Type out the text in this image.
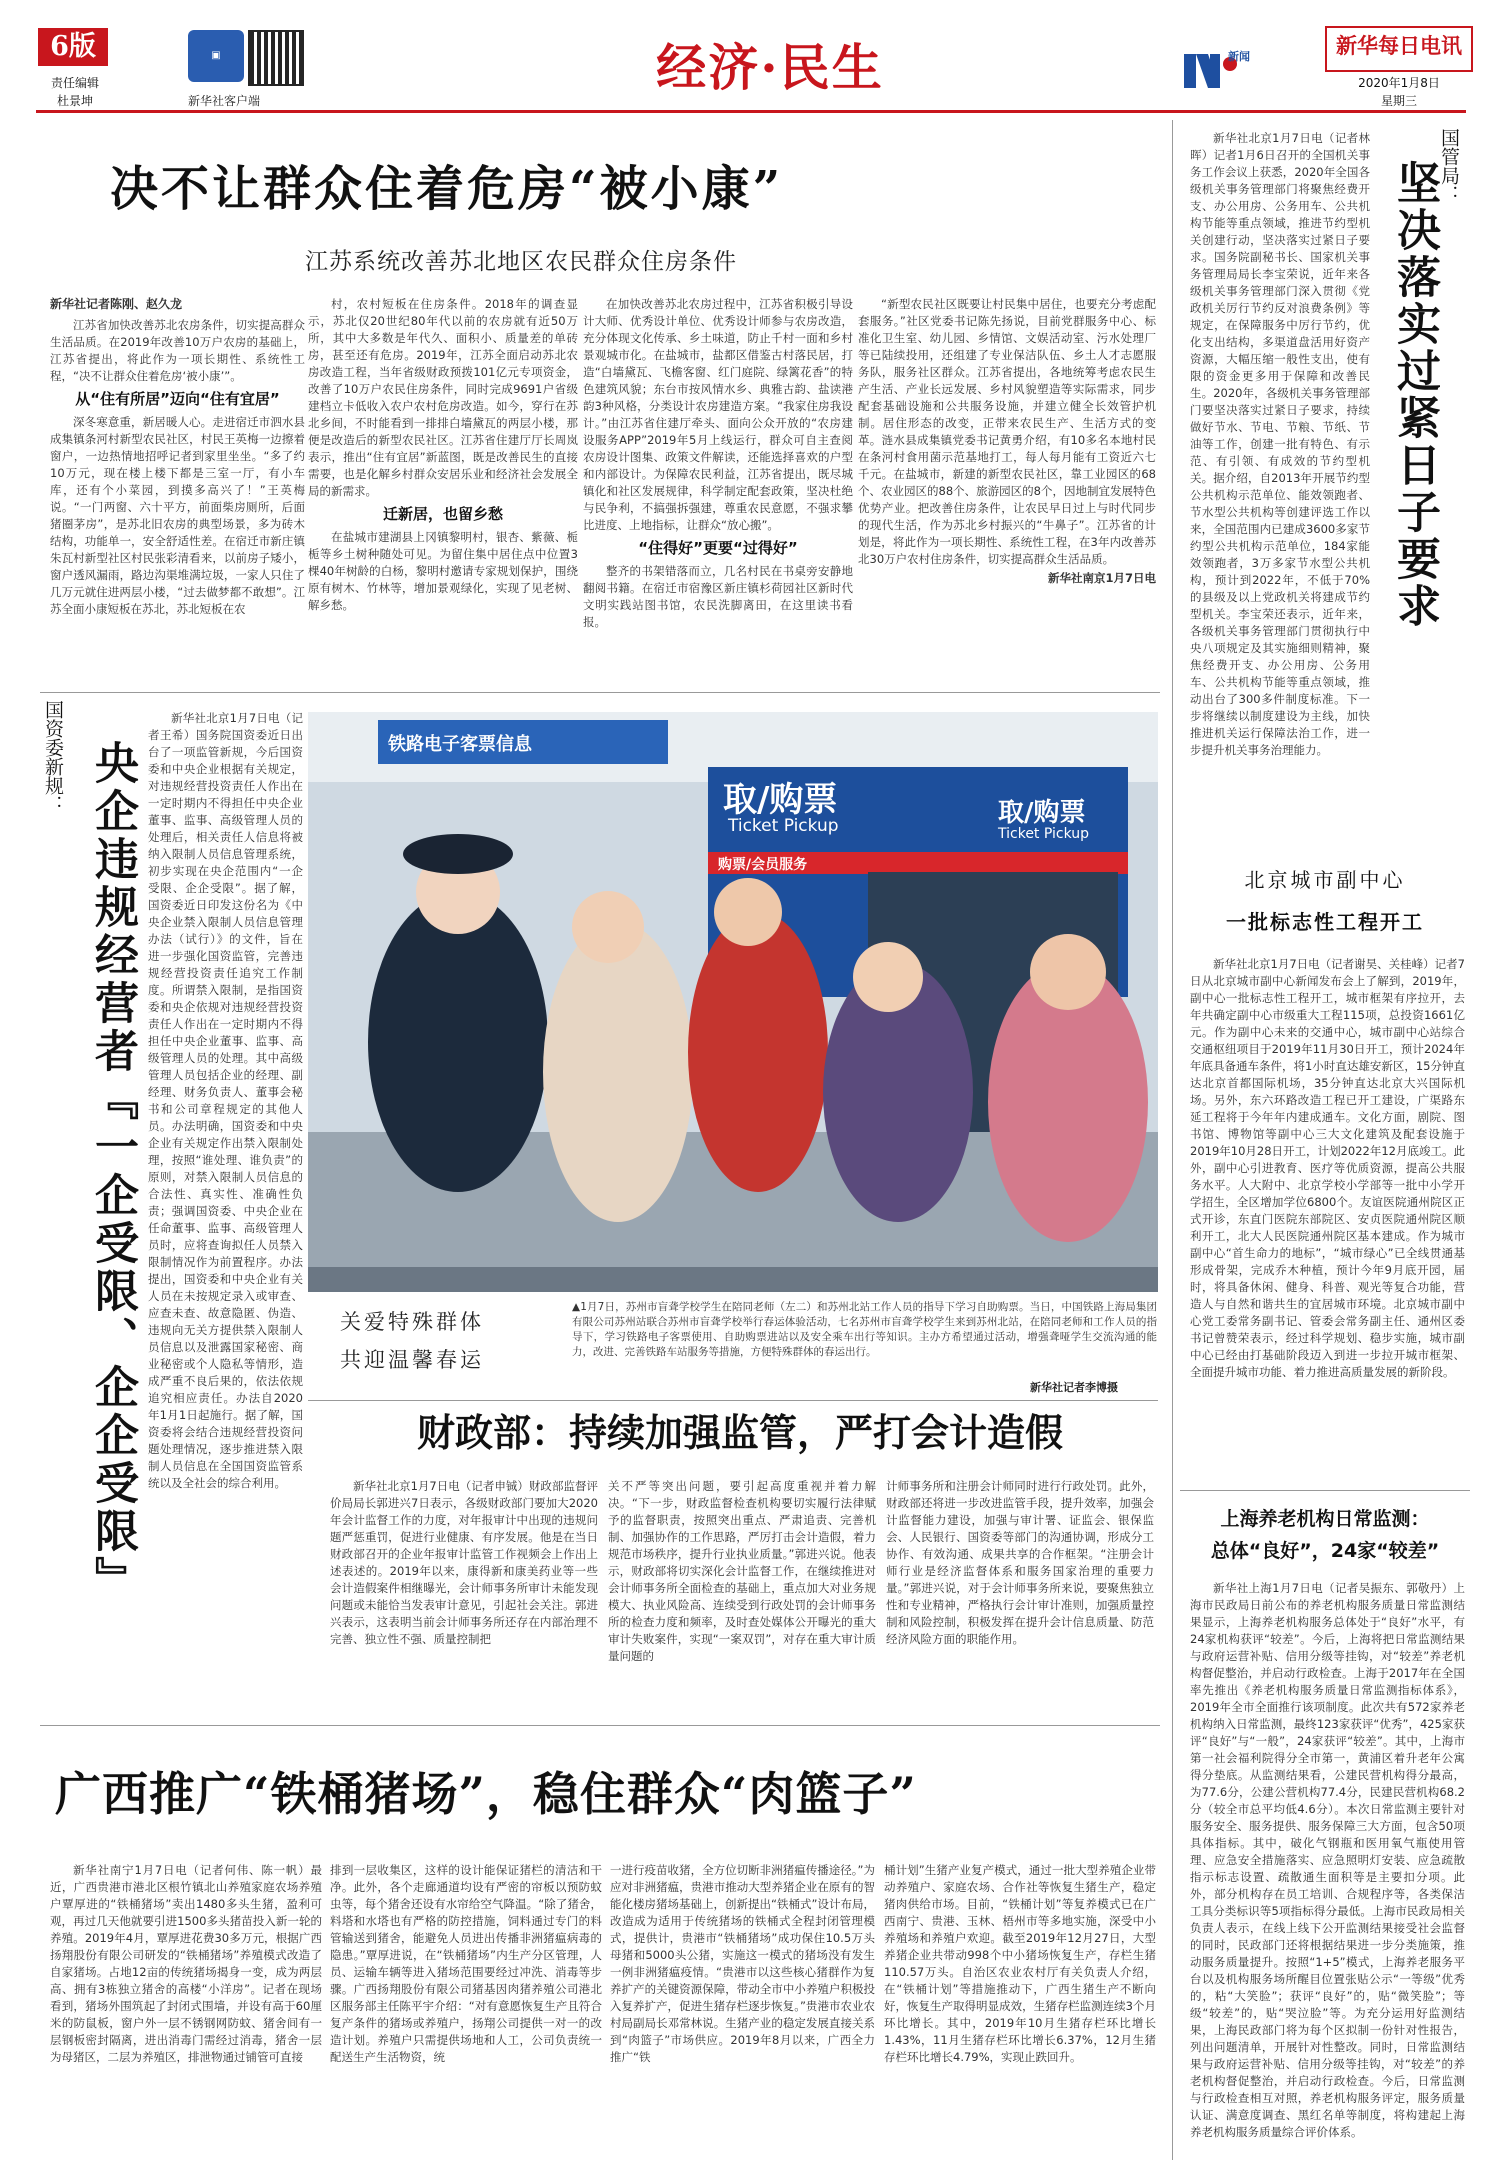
6版
责任编辑
杜景坤
▣
新华社客户端
经济·民生	新闻	新华每日电讯
2020年1月8日
星期三
决不让群众住着危房“被小康”
江苏系统改善苏北地区农民群众住房条件
新华社记者陈刚、赵久龙

江苏省加快改善苏北农房条件，切实提高群众生活品质。在2019年改善10万户农房的基础上，江苏省提出，将此作为一项长期性、系统性工程，“决不让群众住着危房‘被小康’”。

从“住有所居”迈向“住有宜居”

深冬寒意重，新居暖人心。走进宿迁市泗水县成集镇条河村新型农民社区，村民王英梅一边擦着窗户，一边热情地招呼记者到家里坐坐。“多了约10万元，现在楼上楼下都是三室一厅，有小车库，还有个小菜园，到摸多高兴了！”王英梅说。“一门两窗、六十平方，前面柴房厕所，后面猪圈茅房”，是苏北旧农房的典型场景，多为砖木结构，功能单一，安全舒适性差。在宿迁市新庄镇朱瓦村新型社区村民张彩清看来，以前房子矮小，窗户透风漏雨，路边沟渠堆满垃圾，一家人只住了几万元就住进两层小楼，“过去做梦都不敢想”。江苏全面小康短板在苏北，苏北短板在农

村，农村短板在住房条件。2018年的调查显示，苏北仅20世纪80年代以前的农房就有近50万所，其中大多数是年代久、面积小、质量差的单砖房，甚至还有危房。2019年，江苏全面启动苏北农房改造工程，当年省级财政预拨101亿元专项资金，改善了10万户农民住房条件，同时完成9691户省级建档立卡低收入农户农村危房改造。如今，穿行在苏北乡间，不时能看到一排排白墙黛瓦的两层小楼，那便是改造后的新型农民社区。江苏省住建厅厅长周岚表示，推出“住有宜居”新蓝图，既是改善民生的直接需要，也是化解乡村群众安居乐业和经济社会发展全局的新需求。

迁新居，也留乡愁

在盐城市建湖县上冈镇黎明村，银杏、紫薇、栀栀等乡土树种随处可见。为留住集中居住点中位置3棵40年树龄的白杨，黎明村邀请专家规划保护，围绕原有树木、竹林等，增加景观绿化，实现了见老树、解乡愁。

在加快改善苏北农房过程中，江苏省积极引导设计大师、优秀设计单位、优秀设计师参与农房改造，充分体现文化传承、乡土味道，防止千村一面和乡村景观城市化。在盐城市，盐都区借鉴古村落民居，打造“白墙黛瓦、飞檐客窗、红门庭院、绿篱花香”的特色建筑风貌；东台市按风情水乡、典雅古韵、盐读港韵3种风格，分类设计农房建造方案。“我家住房我设计。”由江苏省住建厅牵头、面向公众开放的“农房建设服务APP”2019年5月上线运行，群众可自主查阅农房设计图集、政策文件解读，还能选择喜欢的户型和内部设计。为保障农民利益，江苏省提出，既尽城镇化和社区发展规律，科学制定配套政策，坚决杜绝与民争利，不搞强拆强建，尊重农民意愿，不强求攀比进度、上地指标，让群众“放心搬”。

“住得好”更要“过得好”

整齐的书架错落而立，几名村民在书桌旁安静地翻阅书籍。在宿迁市宿豫区新庄镇杉荷园社区新时代文明实践站图书馆，农民洗脚离田，在这里读书看报。

“新型农民社区既要让村民集中居住，也要充分考虑配套服务。”社区党委书记陈先扬说，目前党群服务中心、标准化卫生室、幼儿园、乡情馆、文娱活动室、污水处理厂等已陆续投用，还组建了专业保洁队伍、乡土人才志愿服务队，服务社区群众。江苏省提出，各地统筹考虑农民生产生活、产业长远发展、乡村风貌塑造等实际需求，同步配套基础设施和公共服务设施，并建立健全长效管护机制。居住形态的改变，正带来农民生产、生活方式的变革。涟水县成集镇党委书记黄勇介绍，有10多名本地村民在条河村食用菌示范基地打工，每人每月能有工资近六七千元。在盐城市，新建的新型农民社区，靠工业园区的68个、农业园区的88个、旅游园区的8个，因地制宜发展特色优势产业。把改善住房条件，让农民早日过上与时代同步的现代生活，作为苏北乡村振兴的“牛鼻子”。江苏省的计划是，将此作为一项长期性、系统性工程，在3年内改善苏北30万户农村住房条件，切实提高群众生活品质。

新华社南京1月7日电
国管局：
坚决落实过紧日子要求
新华社北京1月7日电（记者林晖）记者1月6日召开的全国机关事务工作会议上获悉，2020年全国各级机关事务管理部门将聚焦经费开支、办公用房、公务用车、公共机构节能等重点领域，推进节约型机关创建行动，坚决落实过紧日子要求。国务院副秘书长、国家机关事务管理局局长李宝荣说，近年来各级机关事务管理部门深入贯彻《党政机关厉行节约反对浪费条例》等规定，在保障服务中厉行节约，优化支出结构，多渠道盘活用好资产资源，大幅压缩一般性支出，使有限的资金更多用于保障和改善民生。2020年，各级机关事务管理部门要坚决落实过紧日子要求，持续做好节水、节电、节粮、节纸、节油等工作，创建一批有特色、有示范、有引领、有成效的节约型机关。据介绍，自2013年开展节约型公共机构示范单位、能效领跑者、节水型公共机构等创建评选工作以来，全国范围内已建成3600多家节约型公共机构示范单位，184家能效领跑者，3万多家节水型公共机构，预计到2022年，不低于70%的县级及以上党政机关将建成节约型机关。李宝荣还表示，近年来，各级机关事务管理部门贯彻执行中央八项规定及其实施细则精神，聚焦经费开支、办公用房、公务用车、公共机构节能等重点领域，推动出台了300多件制度标准。下一步将继续以制度建设为主线，加快推进机关运行保障法治工作，进一步提升机关事务治理能力。
国资委新规： 央企违规经营者『一企受限、企企受限』
新华社北京1月7日电（记者王希）国务院国资委近日出台了一项监管新规，今后国资委和中央企业根据有关规定，对违规经营投资责任人作出在一定时期内不得担任中央企业董事、监事、高级管理人员的处理后，相关责任人信息将被纳入限制人员信息管理系统，初步实现在央企范围内“一企受限、企企受限”。据了解，国资委近日印发这份名为《中央企业禁入限制人员信息管理办法（试行）》的文件，旨在进一步强化国资监管，完善违规经营投资责任追究工作制度。所谓禁入限制，是指国资委和央企依规对违规经营投资责任人作出在一定时期内不得担任中央企业董事、监事、高级管理人员的处理。其中高级管理人员包括企业的经理、副经理、财务负责人、董事会秘书和公司章程规定的其他人员。办法明确，国资委和中央企业有关规定作出禁入限制处理，按照“谁处理、谁负责”的原则，对禁入限制人员信息的合法性、真实性、准确性负责；强调国资委、中央企业在任命董事、监事、高级管理人员时，应将查询拟任人员禁入限制情况作为前置程序。办法提出，国资委和中央企业有关人员在未按规定录入或审查、应查未查、故意隐匿、伪造、违规向无关方提供禁入限制人员信息以及泄露国家秘密、商业秘密或个人隐私等情形，造成严重不良后果的，依法依规追究相应责任。办法自2020年1月1日起施行。据了解，国资委将会结合违规经营投资问题处理情况，逐步推进禁入限制人员信息在全国国资监管系统以及全社会的综合利用。
铁路电子客票信息
取/购票
Ticket Pickup	取/购票
Ticket Pickup
购票/会员服务
关爱特殊群体
共迎温馨春运
▲1月7日，苏州市盲聋学校学生在陪同老师（左二）和苏州北站工作人员的指导下学习自助购票。当日，中国铁路上海局集团有限公司苏州站联合苏州市盲聋学校举行春运体验活动，七名苏州市盲聋学校学生来到苏州北站，在陪同老师和工作人员的指导下，学习铁路电子客票使用、自助购票进站以及安全乘车出行等知识。主办方希望通过活动，增强聋哑学生交流沟通的能力，改进、完善铁路车站服务等措施，方便特殊群体的春运出行。
新华社记者李博摄
财政部：持续加强监管，严打会计造假
新华社北京1月7日电（记者申铖）财政部监督评价局局长郭进兴7日表示，各级财政部门要加大2020年会计监督工作的力度，对年报审计中出现的违规问题严惩重罚，促进行业健康、有序发展。他是在当日财政部召开的企业年报审计监管工作视频会上作出上述表述的。2019年以来，康得新和康美药业等一些会计造假案件相继曝光，会计师事务所审计未能发现问题或未能恰当发表审计意见，引起社会关注。郭进兴表示，这表明当前会计师事务所还存在内部治理不完善、独立性不强、质量控制把
关不严等突出问题，要引起高度重视并着力解决。“下一步，财政监督检查机构要切实履行法律赋予的监督职责，按照突出重点、严肃追责、完善机制、加强协作的工作思路，严厉打击会计造假，着力规范市场秩序，提升行业执业质量。”郭进兴说。他表示，财政部将切实深化会计监督工作，在继续推进对会计师事务所全面检查的基础上，重点加大对业务规模大、执业风险高、连续受到行政处罚的会计师事务所的检查力度和频率，及时查处媒体公开曝光的重大审计失败案件，实现“一案双罚”，对存在重大审计质量问题的
计师事务所和注册会计师同时进行行政处罚。此外，财政部还将进一步改进监管手段，提升效率，加强会计监督能力建设，加强与审计署、证监会、银保监会、人民银行、国资委等部门的沟通协调，形成分工协作、有效沟通、成果共享的合作框架。“注册会计师行业是经济监督体系和服务国家治理的重要力量。”郭进兴说，对于会计师事务所来说，要聚焦独立性和专业精神，严格执行会计审计准则，加强质量控制和风险控制，积极发挥在提升会计信息质量、防范经济风险方面的职能作用。
北京城市副中心
一批标志性工程开工
新华社北京1月7日电（记者谢昊、关桂峰）记者7日从北京城市副中心新闻发布会上了解到，2019年，副中心一批标志性工程开工，城市框架有序拉开，去年共确定副中心市级重大工程115项，总投资1661亿元。作为副中心未来的交通中心，城市副中心站综合交通枢纽项目于2019年11月30日开工，预计2024年年底具备通车条件，将1小时直达雄安新区，15分钟直达北京首都国际机场，35分钟直达北京大兴国际机场。另外，东六环路改造工程已开工建设，广渠路东延工程将于今年年内建成通车。文化方面，剧院、图书馆、博物馆等副中心三大文化建筑及配套设施于2019年10月28日开工，计划2022年12月底竣工。此外，副中心引进教育、医疗等优质资源，提高公共服务水平。人大附中、北京学校小学部等一批中小学开学招生，全区增加学位6800个。友谊医院通州院区正式开诊，东直门医院东部院区、安贞医院通州院区顺利开工，北大人民医院通州院区基本建成。作为城市副中心“首生命力的地标”，“城市绿心”已全线贯通基形成骨架，完成乔木种植，预计今年9月底开园，届时，将具备休闲、健身、科普、观光等复合功能，营造人与自然和谐共生的宜居城市环境。北京城市副中心党工委常务副书记、管委会常务副主任、通州区委书记曾赞荣表示，经过科学规划、稳步实施，城市副中心已经由打基础阶段迈入到进一步拉开城市框架、全面提升城市功能、着力推进高质量发展的新阶段。
上海养老机构日常监测：
总体“良好”，24家“较差”
新华社上海1月7日电（记者吴振东、郭敬丹）上海市民政局日前公布的养老机构服务质量日常监测结果显示，上海养老机构服务总体处于“良好”水平，有24家机构获评“较差”。今后，上海将把日常监测结果与政府运营补贴、信用分级等挂钩，对“较差”养老机构督促整治，并启动行政检查。上海于2017年在全国率先推出《养老机构服务质量日常监测指标体系》，2019年全市全面推行该项制度。此次共有572家养老机构纳入日常监测，最终123家获评“优秀”，425家获评“良好”与“一般”，24家获评“较差”。其中，上海市第一社会福利院得分全市第一，黄浦区着升老年公寓得分垫底。从监测结果看，公建民营机构得分最高，为77.6分，公建公营机构77.4分，民建民营机构68.2分（较全市总平均低4.6分）。本次日常监测主要针对服务安全、服务提供、服务保障三大方面，包含50项具体指标。其中，破化气钢瓶和医用氧气瓶使用管理、应急安全措施落实、应急照明灯安装、应急疏散指示标志设置、疏散通生面积等是主要扣分项。此外，部分机构存在员工培训、合规程序等，各类保洁工具分类标识等5项指标得分最低。上海市民政局相关负责人表示，在线上线下公开监测结果接受社会监督的同时，民政部门还将根据结果进一步分类施策，推动服务质量提升。按照“1+5”模式，上海养老服务平台以及机构服务场所醒目位置张贴公示“一等级”优秀的，粘“大笑脸”；获评“良好”的，贴“微笑脸”；等级“较差”的，贴“哭泣脸”等。为充分运用好监测结果，上海民政部门将为每个区拟制一份针对性报告，列出问题清单，开展针对性整改。同时，日常监测结果与政府运营补贴、信用分级等挂钩，对“较差”的养老机构督促整治，并启动行政检查。今后，日常监测与行政检查相互对照，养老机构服务评定，服务质量认证、满意度调查、黑红名单等制度，将构建起上海养老机构服务质量综合评价体系。
广西推广“铁桶猪场”，稳住群众“肉篮子”
新华社南宁1月7日电（记者何伟、陈一帆）最近，广西贵港市港北区根竹镇北山养殖家庭农场养殖户覃厚进的“铁桶猪场”卖出1480多头生猪，盈利可观，再过几天他就要引进1500多头猪苗投入新一轮的养殖。2019年4月，覃厚进花费30多万元，根据广西扬翔股份有限公司研发的“铁桶猪场”养殖模式改造了自家猪场。占地12亩的传统猪场揭身一变，成为两层高、拥有3栋独立猪舍的高楼“小洋房”。记者在现场看到，猪场外围筑起了封闭式围墙，并设有高于60厘米的防鼠板，窗户外一层不锈钢网防蚊、猪舍间有一层钢板密封隔离，进出消毒门需经过消毒，猪舍一层为母猪区，二层为养殖区，排泄物通过铺管可直接
排到一层收集区，这样的设计能保证猪栏的清洁和干净。此外，各个走廊通道均设有严密的帘板以预防蚊虫等，每个猪舍还设有水帘给空气降温。“除了猪舍，料塔和水塔也有严格的防控措施，饲料通过专门的料管输送到猪舍，能避免人员进出传播非洲猪瘟病毒的隐患。”覃厚进说，在“铁桶猪场”内生产分区管理，人员、运输车辆等进入猪场范围要经过冲洗、消毒等步骤。广西扬翔股份有限公司猪基因肉猪养殖公司港北区服务部主任陈平宇介绍：“对有意愿恢复生产且符合复产条件的猪场或养殖户，扬翔公司提供一对一的改造计划。养殖户只需提供场地和人工，公司负责统一配送生产生活物资，统
一进行疫苗收猪，全方位切断非洲猪瘟传播途径。”为应对非洲猪瘟，贵港市推动大型养猪企业在原有的智能化楼房猪场基础上，创新提出“铁桶式”设计布局，改造成为适用于传统猪场的铁桶式全程封闭管理模式，提供计，贵港市“铁桶猪场”成功保住10.5万头母猪和5000头公猪，实施这一模式的猪场没有发生一例非洲猪瘟疫情。“贵港市以这些核心猪群作为复养扩产的关键资源保障，带动全市中小养殖户积极投入复养扩产，促进生猪存栏逐步恢复。”贵港市农业农村局副局长邓常林说。生猪产业的稳定发展直接关系到“肉篮子”市场供应。2019年8月以来，广西全力推广“铁
桶计划”生猪产业复产模式，通过一批大型养殖企业带动养殖户、家庭农场、合作社等恢复生猪生产，稳定猪肉供给市场。目前，“铁桶计划”等复养模式已在广西南宁、贵港、玉林、梧州市等多地实施，深受中小养殖场和养殖户欢迎。截至2019年12月27日，大型养猪企业共带动998个中小猪场恢复生产，存栏生猪110.57万头。自治区农业农村厅有关负责人介绍，在“铁桶计划”等措施推动下，广西生猪生产不断向好，恢复生产取得明显成效，生猪存栏监测连续3个月环比增长。其中，2019年10月生猪存栏环比增长1.43%，11月生猪存栏环比增长6.37%，12月生猪存栏环比增长4.79%，实现止跌回升。
